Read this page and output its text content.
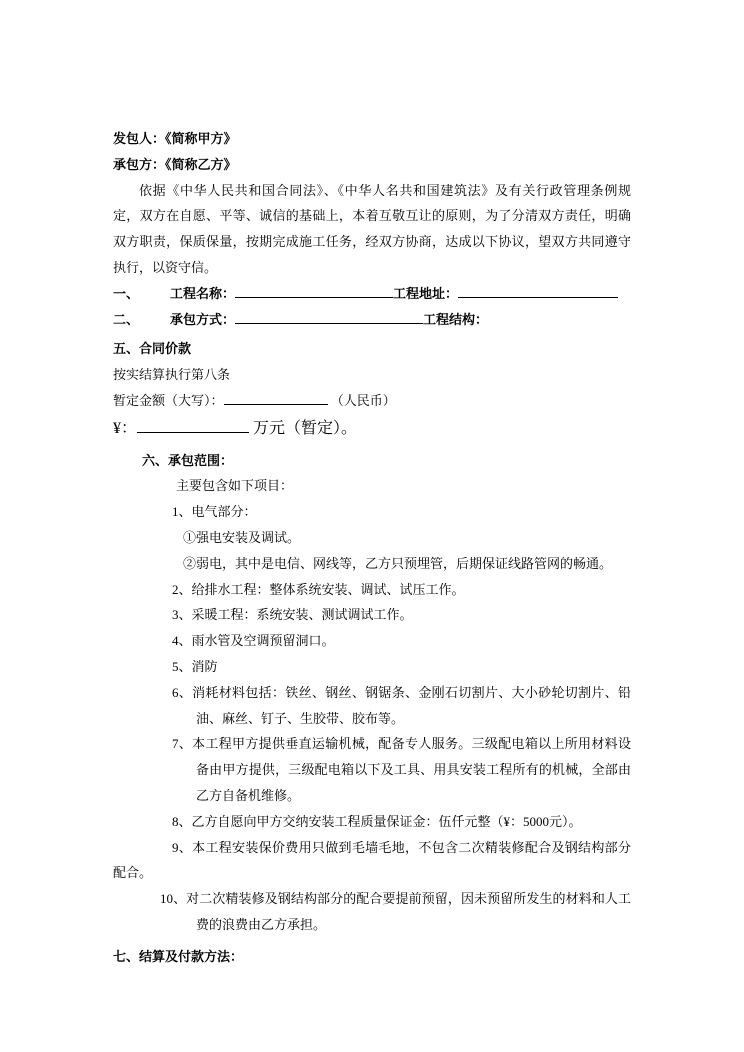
发包人：《简称甲方》

承包方：《简称乙方》

依据《中华人民共和国合同法》、《中华人名共和国建筑法》及有关行政管理条例规定，双方在自愿、平等、诚信的基础上，本着互敬互让的原则，为了分清双方责任，明确双方职责，保质保量，按期完成施工任务，经双方协商，达成以下协议，望双方共同遵守执行，以资守信。

一、 工程名称：	工程地址：

二、 承包方式：	工程结构：

五、合同价款

按实结算执行第八条

暂定金额（大写）：	（人民币）

¥：	万元（暂定）。

六、承包范围：

主要包含如下项目：

1、电气部分：

①强电安装及调试。

②弱电，其中是电信、网线等，乙方只预埋管，后期保证线路管网的畅通。

2、给排水工程：整体系统安装、调试、试压工作。

3、采暖工程：系统安装、测试调试工作。

4、雨水管及空调预留洞口。

5、消防

6、消耗材料包括：铁丝、钢丝、钢锯条、金刚石切割片、大小砂轮切割片、铅油、麻丝、钉子、生胶带、胶布等。

7、本工程甲方提供垂直运输机械，配备专人服务。三级配电箱以上所用材料设备由甲方提供，三级配电箱以下及工具、用具安装工程所有的机械，全部由乙方自备机维修。

8、乙方自愿向甲方交纳安装工程质量保证金：伍仟元整（¥：5000元）。

9、本工程安装保价费用只做到毛墙毛地，不包含二次精装修配合及钢结构部分配合。

10、对二次精装修及钢结构部分的配合要提前预留，因未预留所发生的材料和人工费的浪费由乙方承担。

七、结算及付款方法：
